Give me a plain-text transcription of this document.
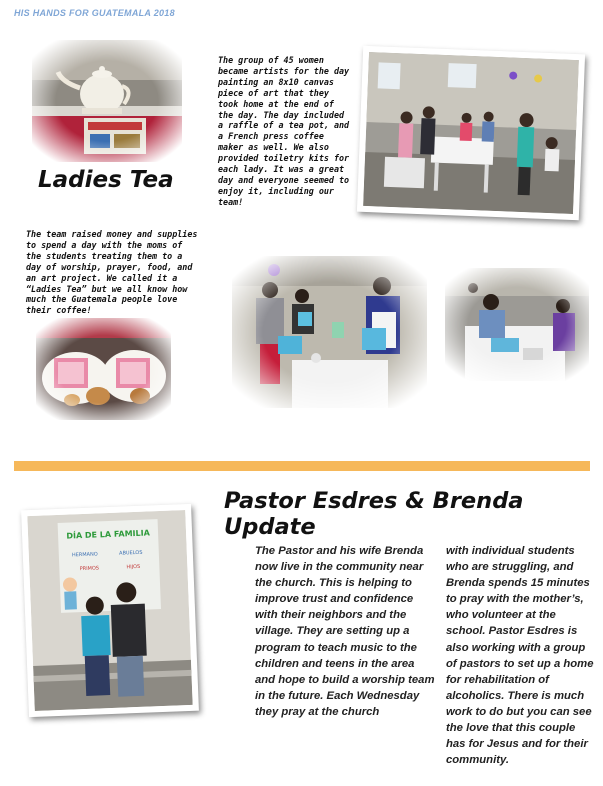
HIS HANDS FOR GUATEMALA 2018
Ladies Tea
The group of 45 women became artists for the day painting an 8x10 canvas piece of art that they took home at the end of the day. The day included a raffle of a tea pot, and a French press coffee maker as well. We also provided toiletry kits for each lady. It was a great day and everyone seemed to enjoy it, including our team!
The team raised money and supplies to spend a day with the moms of the students treating them to a day of worship, prayer, food, and an art project. We called it a “Ladies Tea” but we all know how much the Guatemala people love their coffee!
Pastor Esdres & Brenda Update
DÍA DE LA FAMILIA
HERMANO	ABUELOS
PRIMOS	HIJOS
The Pastor and his wife Brenda now live in the community near the church. This is helping to improve trust and confidence with their neighbors and the village. They are setting up a program to teach music to the children and teens in the area and hope to build a worship team in the future. Each Wednesday they pray at the church
with individual students who are struggling, and Brenda spends 15 minutes to pray with the mother’s, who volunteer at the school. Pastor Esdres is also working with a group of pastors to set up a home for rehabilitation of alcoholics. There is much work to do but you can see the love that this couple has for Jesus and for their community.
